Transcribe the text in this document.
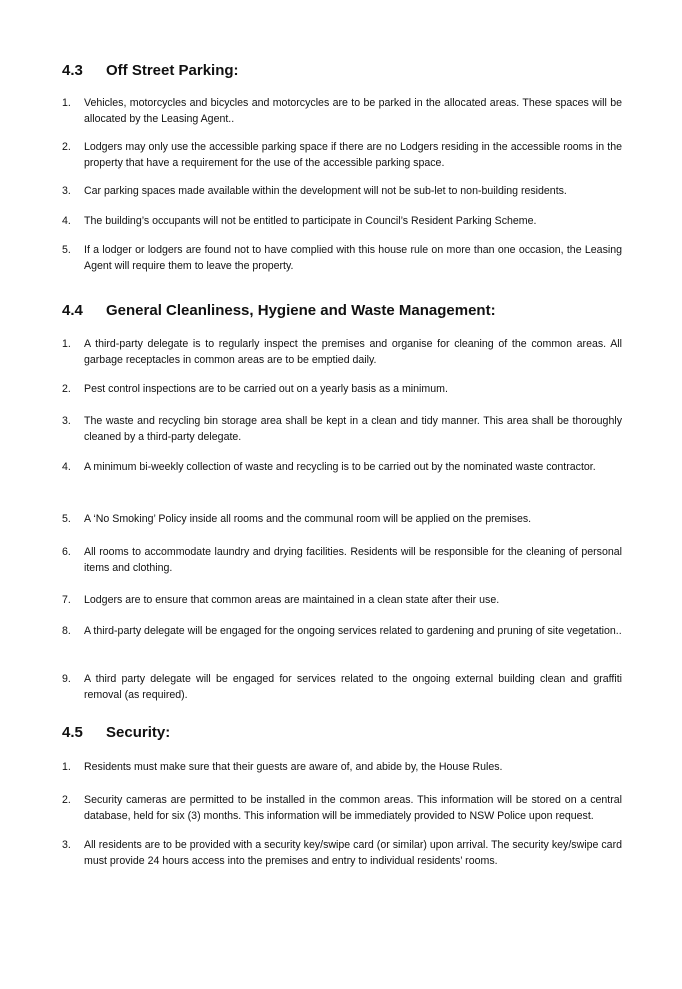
4.3	Off Street Parking:
1.	Vehicles, motorcycles and bicycles and motorcycles are to be parked in the allocated areas. These spaces will be allocated by the Leasing Agent..
2.	Lodgers may only use the accessible parking space if there are no Lodgers residing in the accessible rooms in the property that have a requirement for the use of the accessible parking space.
3.	Car parking spaces made available within the development will not be sub-let to non-building residents.
4.	The building’s occupants will not be entitled to participate in Council’s Resident Parking Scheme.
5.	If a lodger or lodgers are found not to have complied with this house rule on more than one occasion, the Leasing Agent will require them to leave the property.
4.4	General Cleanliness, Hygiene and Waste Management:
1.	A third-party delegate is to regularly inspect the premises and organise for cleaning of the common areas. All garbage receptacles in common areas are to be emptied daily.
2.	Pest control inspections are to be carried out on a yearly basis as a minimum.
3.	The waste and recycling bin storage area shall be kept in a clean and tidy manner. This area shall be thoroughly cleaned by a third-party delegate.
4.	A minimum bi-weekly collection of waste and recycling is to be carried out by the nominated waste contractor.
5.	A ‘No Smoking’ Policy inside all rooms and the communal room will be applied on the premises.
6.	All rooms to accommodate laundry and drying facilities. Residents will be responsible for the cleaning of personal items and clothing.
7.	Lodgers are to ensure that common areas are maintained in a clean state after their use.
8.	A third-party delegate will be engaged for the ongoing services related to gardening and pruning of site vegetation..
9.	A third party delegate will be engaged for services related to the ongoing external building clean and graffiti removal (as required).
4.5	Security:
1.	Residents must make sure that their guests are aware of, and abide by, the House Rules.
2.	Security cameras are permitted to be installed in the common areas. This information will be stored on a central database, held for six (3) months. This information will be immediately provided to NSW Police upon request.
3.	All residents are to be provided with a security key/swipe card (or similar) upon arrival. The security key/swipe card must provide 24 hours access into the premises and entry to individual residents’ rooms.
